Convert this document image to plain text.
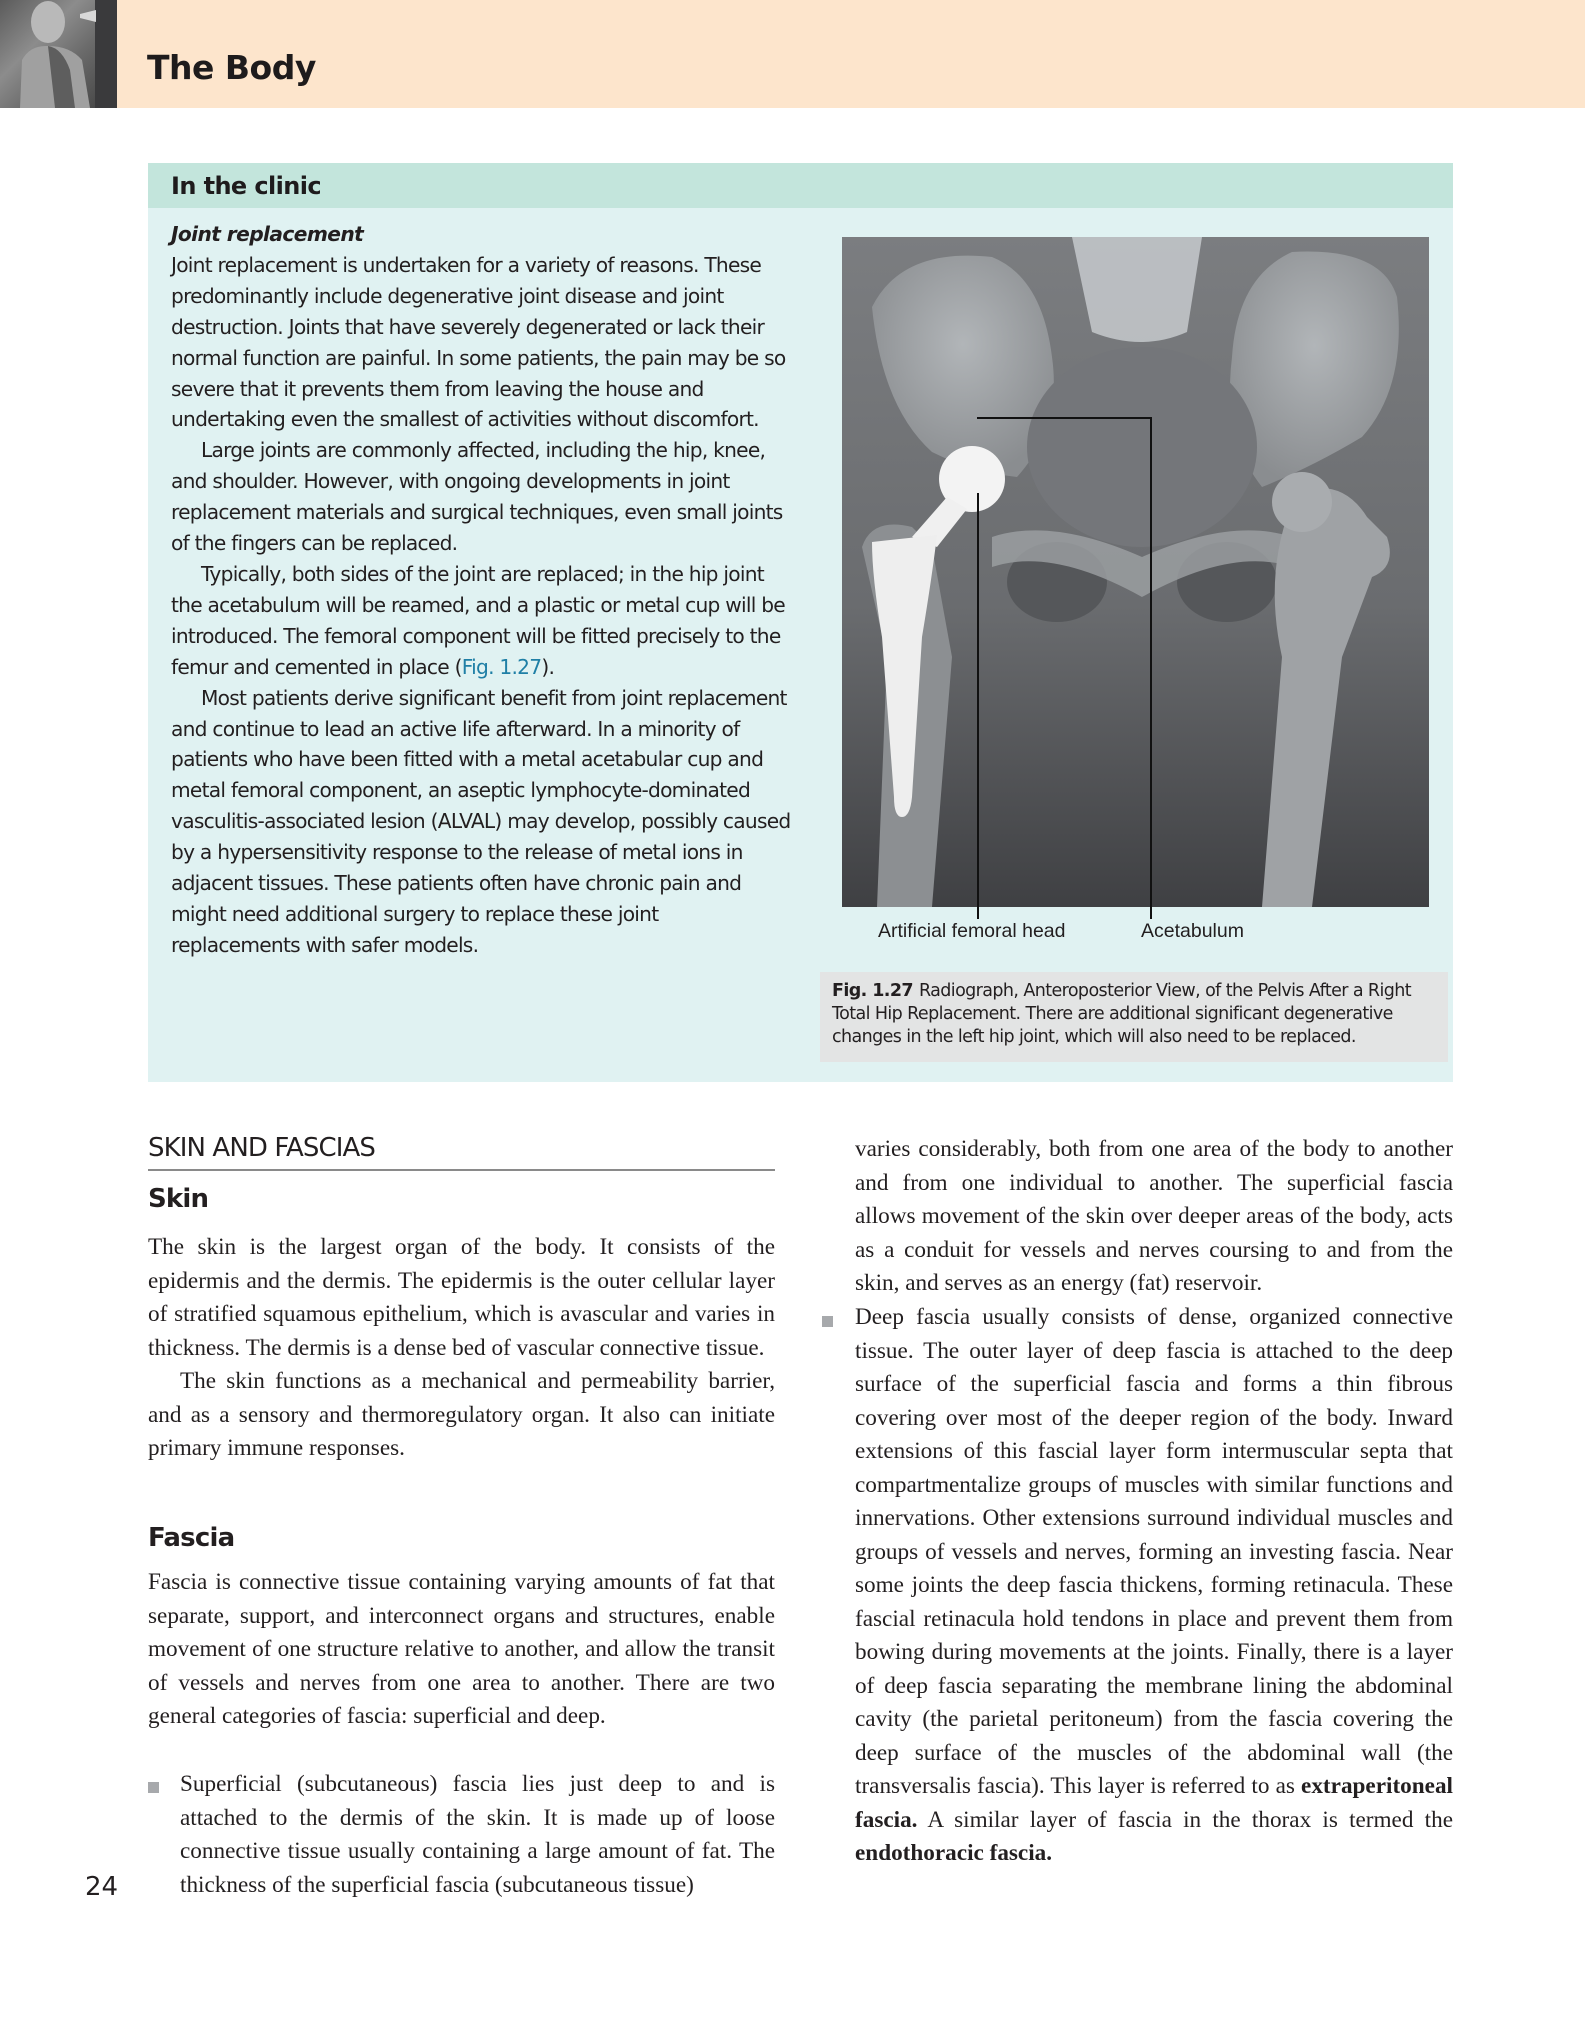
The Body
In the clinic
Joint replacement

Joint replacement is undertaken for a variety of reasons. These predominantly include degenerative joint disease and joint destruction. Joints that have severely degenerated or lack their normal function are painful. In some patients, the pain may be so severe that it prevents them from leaving the house and undertaking even the smallest of activities without discomfort.

Large joints are commonly affected, including the hip, knee, and shoulder. However, with ongoing developments in joint replacement materials and surgical techniques, even small joints of the fingers can be replaced.

Typically, both sides of the joint are replaced; in the hip joint the acetabulum will be reamed, and a plastic or metal cup will be introduced. The femoral component will be fitted precisely to the femur and cemented in place (Fig. 1.27).

Most patients derive significant benefit from joint replacement and continue to lead an active life afterward. In a minority of patients who have been fitted with a metal acetabular cup and metal femoral component, an aseptic lymphocyte-dominated vasculitis-associated lesion (ALVAL) may develop, possibly caused by a hypersensitivity response to the release of metal ions in adjacent tissues. These patients often have chronic pain and might need additional surgery to replace these joint replacements with safer models.

Artificial femoral head	Acetabulum
Fig. 1.27 Radiograph, Anteroposterior View, of the Pelvis After a Right Total Hip Replacement. There are additional significant degenerative changes in the left hip joint, which will also need to be replaced.
SKIN AND FASCIAS
Skin

The skin is the largest organ of the body. It consists of the epidermis and the dermis. The epidermis is the outer cellular layer of stratified squamous epithelium, which is avascular and varies in thickness. The dermis is a dense bed of vascular connective tissue.

The skin functions as a mechanical and permeability barrier, and as a sensory and thermoregulatory organ. It also can initiate primary immune responses.

Fascia

Fascia is connective tissue containing varying amounts of fat that separate, support, and interconnect organs and structures, enable movement of one structure relative to another, and allow the transit of vessels and nerves from one area to another. There are two general categories of fascia: superficial and deep.

Superficial (subcutaneous) fascia lies just deep to and is attached to the dermis of the skin. It is made up of loose connective tissue usually containing a large amount of fat. The thickness of the superficial fascia (subcutaneous tissue)

24

varies considerably, both from one area of the body to another and from one individual to another. The superficial fascia allows movement of the skin over deeper areas of the body, acts as a conduit for vessels and nerves coursing to and from the skin, and serves as an energy (fat) reservoir.

Deep fascia usually consists of dense, organized connective tissue. The outer layer of deep fascia is attached to the deep surface of the superficial fascia and forms a thin fibrous covering over most of the deeper region of the body. Inward extensions of this fascial layer form intermuscular septa that compartmentalize groups of muscles with similar functions and innervations. Other extensions surround individual muscles and groups of vessels and nerves, forming an investing fascia. Near some joints the deep fascia thickens, forming retinacula. These fascial retinacula hold tendons in place and prevent them from bowing during movements at the joints. Finally, there is a layer of deep fascia separating the membrane lining the abdominal cavity (the parietal peritoneum) from the fascia covering the deep surface of the muscles of the abdominal wall (the transversalis fascia). This layer is referred to as extraperitoneal fascia. A similar layer of fascia in the thorax is termed the endothoracic fascia.
